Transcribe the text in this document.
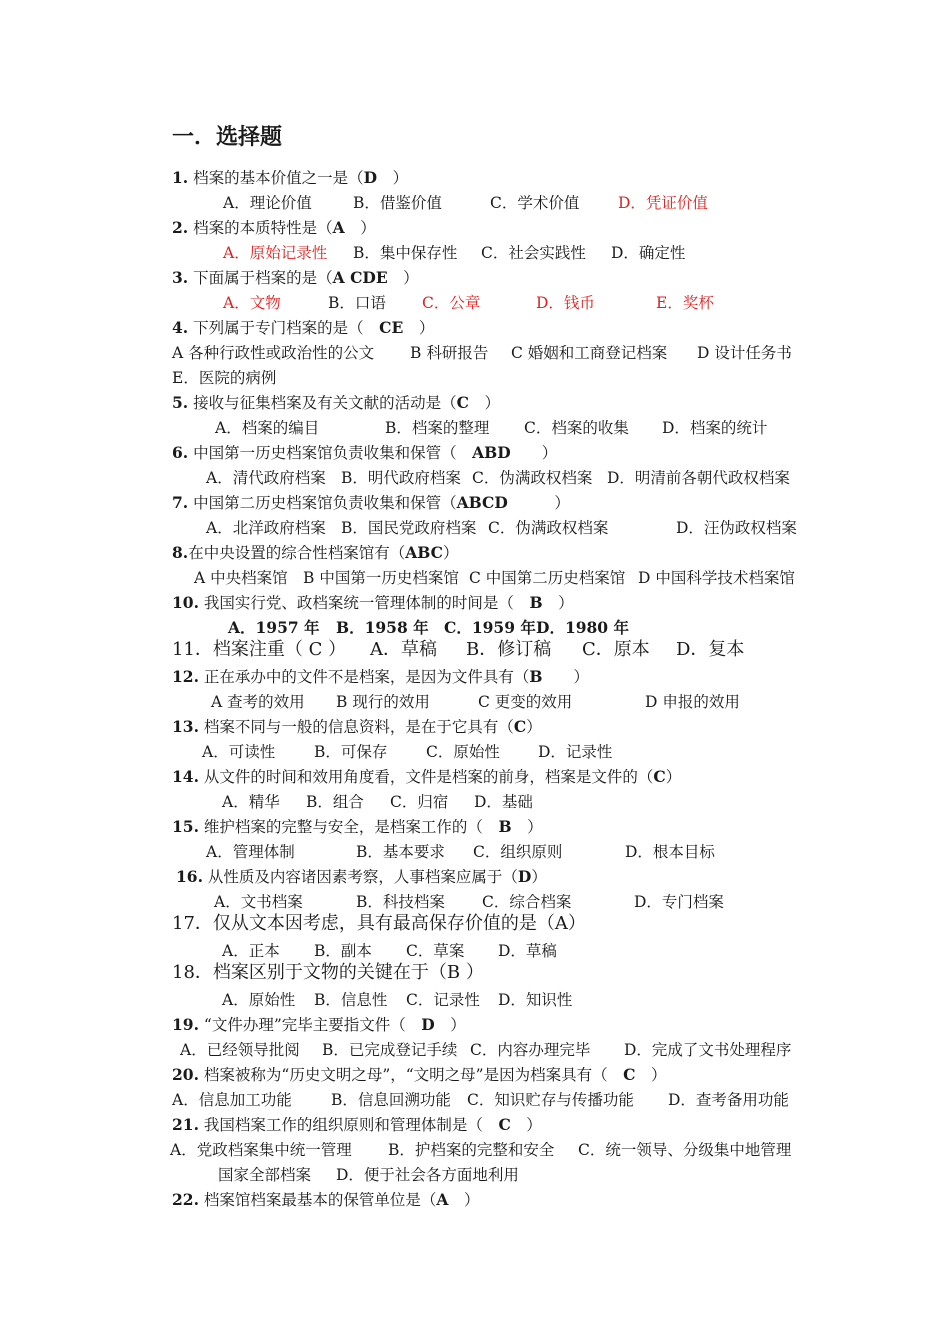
一．选择题
1. 档案的基本价值之一是（D　 ）
A．理论价值	B．借鉴价值	C．学术价值 D．凭证价值
2. 档案的本质特性是（A　 ）
A．原始记录性 B．集中保存性 C．社会实践性 D．确定性
3. 下面属于档案的是（A CDE　 ）
A．文物	B．口语 C．公章	D．钱币	E．奖杯
4. 下列属于专门档案的是（　 CE　 ）
A 各种行政性或政治性的公文 B 科研报告 C 婚姻和工商登记档案 D 设计任务书
E．医院的病例
5. 接收与征集档案及有关文献的活动是（C　 ）
A．档案的编目	B．档案的整理 C．档案的收集 D．档案的统计
6. 中国第一历史档案馆负责收集和保管（　 ABD　　 ）
A．清代政府档案 B．明代政府档案 C．伪满政权档案 D．明清前各朝代政权档案
7. 中国第二历史档案馆负责收集和保管（ABCD　　　	）
A．北洋政府档案 B．国民党政府档案 C．伪满政权档案	D．汪伪政权档案
8.在中央设置的综合性档案馆有（ABC）
A 中央档案馆 B 中国第一历史档案馆 C 中国第二历史档案馆 D 中国科学技术档案馆
10. 我国实行党、政档案统一管理体制的时间是（　 B　 ）
A．1957 年 B．1958 年 C．1959 年 D．1980 年
11．档案注重（ C ） A．草稿 B．修订稿 C．原本 D．复本
12. 正在承办中的文件不是档案，是因为文件具有（B　　 ）
A 查考的效用 B 现行的效用	C 更变的效用	D 申报的效用
13. 档案不同与一般的信息资料，是在于它具有（C）
A．可读性	B．可保存 C．原始性 D．记录性
14. 从文件的时间和效用角度看，文件是档案的前身，档案是文件的（C）
A．精华 B．组合 C．归宿 D．基础
15. 维护档案的完整与安全，是档案工作的（　 B　 ）
A．管理体制	B．基本要求 C．组织原则	D．根本目标
16. 从性质及内容诸因素考察，人事档案应属于（D）
A．文书档案	B．科技档案 C．综合档案	D．专门档案
17．仅从文本因考虑，具有最高保存价值的是（A）
A．正本 B．副本 C．草案 D．草稿
18．档案区别于文物的关键在于（B ）
A．原始性 B．信息性 C．记录性 D．知识性
19. “文件办理”完毕主要指文件（　 D　 ）
A．已经领导批阅 B．已完成登记手续 C．内容办理完毕 D．完成了文书处理程序
20. 档案被称为“历史文明之母”，“文明之母”是因为档案具有（　 C　 ）
A．信息加工功能	B．信息回溯功能 C．知识贮存与传播功能 D．查考备用功能
21. 我国档案工作的组织原则和管理体制是（　 C　 ）
A．党政档案集中统一管理 B．护档案的完整和安全 C．统一领导、分级集中地管理
国家全部档案 D．便于社会各方面地利用
22. 档案馆档案最基本的保管单位是（A　 ）
